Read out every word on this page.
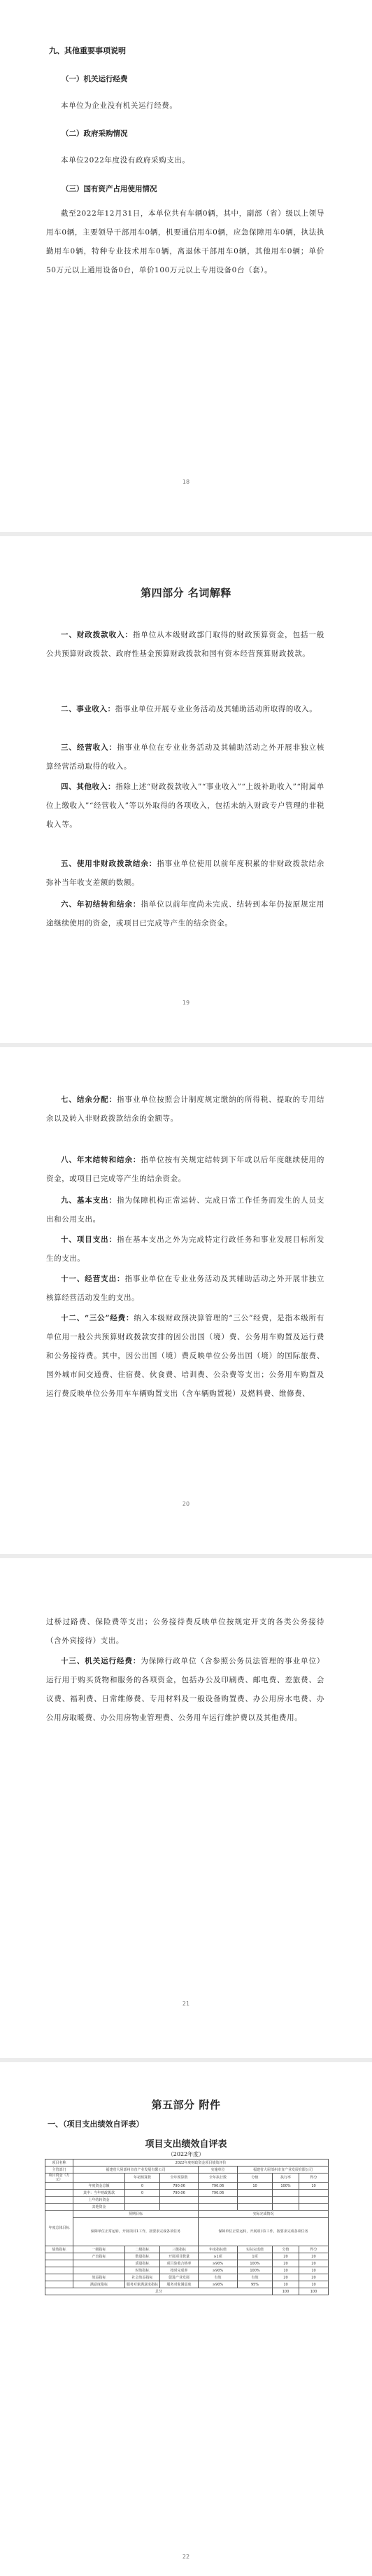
九、其他重要事项说明
（一）机关运行经费

本单位为企业没有机关运行经费。

（二）政府采购情况

本单位2022年度没有政府采购支出。

（三）国有资产占用使用情况

截至2022年12月31日，本单位共有车辆0辆，其中，副部（省）级以上领导用车0辆，主要领导干部用车0辆，机要通信用车0辆，应急保障用车0辆，执法执勤用车0辆，特种专业技术用车0辆，离退休干部用车0辆，其他用车0辆；单价50万元以上通用设备0台，单价100万元以上专用设备0台（套）。

18
第四部分 名词解释

一、财政拨款收入：指单位从本级财政部门取得的财政预算资金，包括一般公共预算财政拨款、政府性基金预算财政拨款和国有资本经营预算财政拨款。

二、事业收入：指事业单位开展专业业务活动及其辅助活动所取得的收入。

三、经营收入：指事业单位在专业业务活动及其辅助活动之外开展非独立核算经营活动取得的收入。

四、其他收入：指除上述“财政拨款收入”“事业收入”“上级补助收入”“附属单位上缴收入”“经营收入”等以外取得的各项收入，包括未纳入财政专户管理的非税收入等。

五、使用非财政拨款结余：指事业单位使用以前年度积累的非财政拨款结余弥补当年收支差额的数额。

六、年初结转和结余：指单位以前年度尚未完成、结转到本年仍按原规定用途继续使用的资金，或项目已完成等产生的结余资金。

19

七、结余分配：指事业单位按照会计制度规定缴纳的所得税、提取的专用结余以及转入非财政拨款结余的金额等。

八、年末结转和结余：指单位按有关规定结转到下年或以后年度继续使用的资金，或项目已完成等产生的结余资金。

九、基本支出：指为保障机构正常运转、完成日常工作任务而发生的人员支出和公用支出。

十、项目支出：指在基本支出之外为完成特定行政任务和事业发展目标所发生的支出。

十一、经营支出：指事业单位在专业业务活动及其辅助活动之外开展非独立核算经营活动发生的支出。

十二、“三公”经费：纳入本级财政预决算管理的“三公”经费，是指本级所有单位用一般公共预算财政拨款安排的因公出国（境）费、公务用车购置及运行费和公务接待费。其中，因公出国（境）费反映单位公务出国（境）的国际旅费、国外城市间交通费、住宿费、伙食费、培训费、公杂费等支出；公务用车购置及运行费反映单位公务用车车辆购置支出（含车辆购置税）及燃料费、维修费、

20

过桥过路费、保险费等支出；公务接待费反映单位按规定开支的各类公务接待（含外宾接待）支出。

十三、机关运行经费：为保障行政单位（含参照公务员法管理的事业单位）运行用于购买货物和服务的各项资金，包括办公及印刷费、邮电费、差旅费、会议费、福利费、日常维修费、专用材料及一般设备购置费、办公用房水电费、办公用房取暖费、办公用房物业管理费、公务用车运行维护费以及其他费用。

21
第五部分 附件
一、（项目支出绩效自评表）
项目支出绩效自评表
（2022年度）
项目名称	2022年度财政资金项目绩效评价						
主管部门	福建省大屋部州市直产业发展有限公司			实施单位	福建省大屋部州市直产业发展有限公司		
项目资金（万元）		年初预算数	全年预算数	全年执行数	分值	执行率	得分
	年度资金总额	0	790.06	790.06	10	100%	10
	其中：当年财政拨款	0	790.06	790.06			
	上年结转资金						
	其他资金						
年度总体目标	预期目标			实际完成情况			
	保障单位正常运转，开展项目1工作，按要求完成各项任务			保障单位正常运转，开展项目1工作，按要求完成各项任务			
绩效指标	一级指标	二级指标	三级指标	年度指标值	实际完成值	分值	得分
	产出指标	数量指标	开展项目数量	≥1项	1项	20	20
		质量指标	项目验收合格率	≥90%	100%	20	20
		时效指标	按时完成率	≥90%	100%	10	10
	效益指标	社会效益指标	促进产业发展	有效	有效	20	20
	满意度指标	服务对象满意度指标	服务对象满意度	≥90%	95%	10	10
总分						100	100
22
